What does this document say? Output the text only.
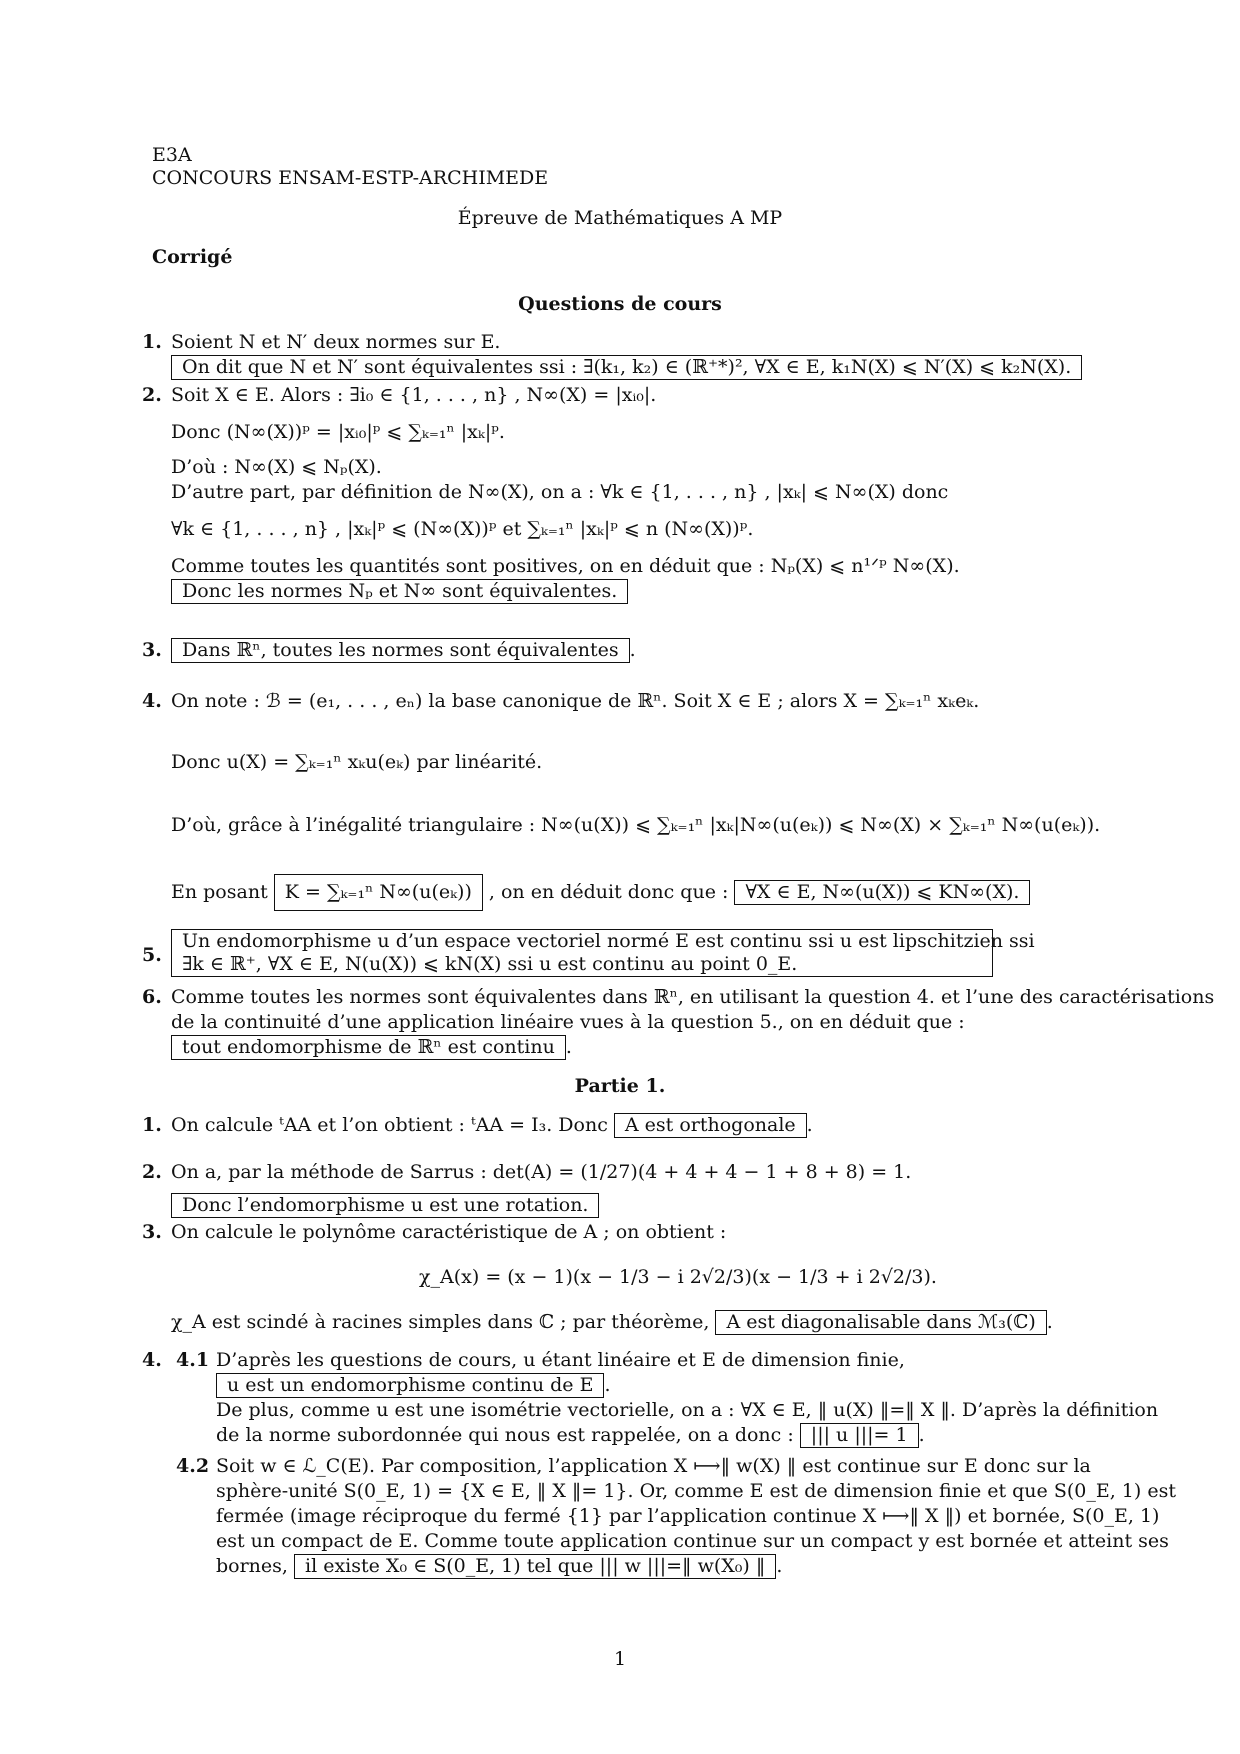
E3A
CONCOURS ENSAM-ESTP-ARCHIMEDE
Épreuve de Mathématiques A MP
Corrigé
Questions de cours
1. Soient N et N′ deux normes sur E.
On dit que N et N′ sont équivalentes ssi : ∃(k₁, k₂) ∈ (ℝ⁺*)², ∀X ∈ E, k₁N(X) ⩽ N′(X) ⩽ k₂N(X).
2. Soit X ∈ E. Alors : ∃i₀ ∈ {1, . . . , n} , N∞(X) = |xᵢ₀|.
Donc (N∞(X))ᵖ = |xᵢ₀|ᵖ ⩽ ∑ₖ₌₁ⁿ |xₖ|ᵖ.
D’où : N∞(X) ⩽ Nₚ(X).
D’autre part, par définition de N∞(X), on a : ∀k ∈ {1, . . . , n} , |xₖ| ⩽ N∞(X) donc
∀k ∈ {1, . . . , n} , |xₖ|ᵖ ⩽ (N∞(X))ᵖ et ∑ₖ₌₁ⁿ |xₖ|ᵖ ⩽ n (N∞(X))ᵖ.
Comme toutes les quantités sont positives, on en déduit que : Nₚ(X) ⩽ n¹ᐟᵖ N∞(X).
Donc les normes Nₚ et N∞ sont équivalentes.
3.	Dans ℝⁿ, toutes les normes sont équivalentes .
4. On note : ℬ = (e₁, . . . , eₙ) la base canonique de ℝⁿ. Soit X ∈ E ; alors X = ∑ₖ₌₁ⁿ xₖeₖ.
Donc u(X) = ∑ₖ₌₁ⁿ xₖu(eₖ) par linéarité.
D’où, grâce à l’inégalité triangulaire : N∞(u(X)) ⩽ ∑ₖ₌₁ⁿ |xₖ|N∞(u(eₖ)) ⩽ N∞(X) × ∑ₖ₌₁ⁿ N∞(u(eₖ)).
En posant K = ∑ₖ₌₁ⁿ N∞(u(eₖ)) , on en déduit donc que : ∀X ∈ E, N∞(u(X)) ⩽ KN∞(X).
5.
Un endomorphisme u d’un espace vectoriel normé E est continu ssi u est lipschitzien ssi
∃k ∈ ℝ⁺, ∀X ∈ E, N(u(X)) ⩽ kN(X) ssi u est continu au point 0_E.
6. Comme toutes les normes sont équivalentes dans ℝⁿ, en utilisant la question 4. et l’une des caractérisations
de la continuité d’une application linéaire vues à la question 5., on en déduit que :
tout endomorphisme de ℝⁿ est continu .
Partie 1.
1. On calcule ᵗAA et l’on obtient : ᵗAA = I₃. Donc A est orthogonale .
2. On a, par la méthode de Sarrus : det(A) = (1/27)(4 + 4 + 4 − 1 + 8 + 8) = 1.
Donc l’endomorphisme u est une rotation.
3. On calcule le polynôme caractéristique de A ; on obtient :
χ_A(x) = (x − 1)(x − 1/3 − i 2√2/3)(x − 1/3 + i 2√2/3).
χ_A est scindé à racines simples dans ℂ ; par théorème, A est diagonalisable dans ℳ₃(ℂ) .
4. 4.1 D’après les questions de cours, u étant linéaire et E de dimension finie,
u est un endomorphisme continu de E .
De plus, comme u est une isométrie vectorielle, on a : ∀X ∈ E, ‖ u(X) ‖=‖ X ‖. D’après la définition
de la norme subordonnée qui nous est rappelée, on a donc : ||| u |||= 1 .
4.2 Soit w ∈ ℒ_C(E). Par composition, l’application X ⟼‖ w(X) ‖ est continue sur E donc sur la
sphère-unité S(0_E, 1) = {X ∈ E, ‖ X ‖= 1}. Or, comme E est de dimension finie et que S(0_E, 1) est
fermée (image réciproque du fermé {1} par l’application continue X ⟼‖ X ‖) et bornée, S(0_E, 1)
est un compact de E. Comme toute application continue sur un compact y est bornée et atteint ses
bornes, il existe X₀ ∈ S(0_E, 1) tel que ||| w |||=‖ w(X₀) ‖ .
1
